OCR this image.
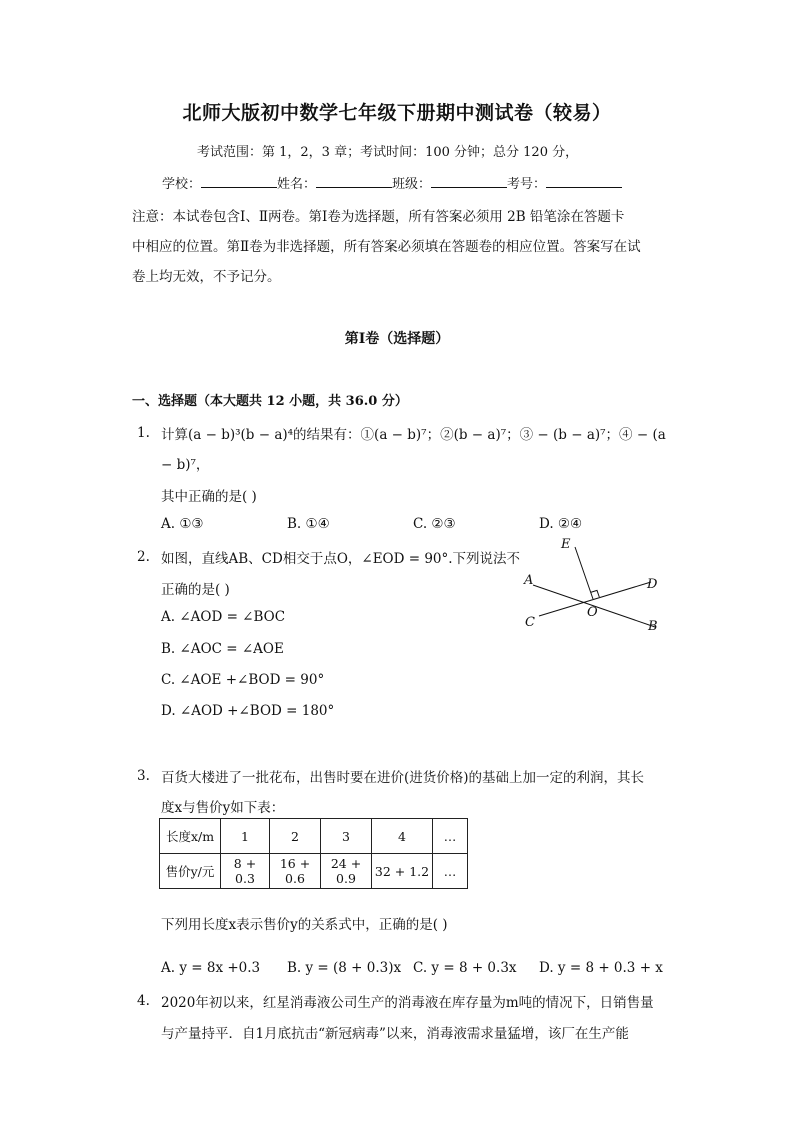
北师大版初中数学七年级下册期中测试卷（较易）
考试范围：第 1，2，3 章；考试时间：100 分钟；总分 120 分，
学校：	姓名：	班级：	考号：
注意：本试卷包含Ⅰ、Ⅱ两卷。第Ⅰ卷为选择题，所有答案必须用 2B 铅笔涂在答题卡
中相应的位置。第Ⅱ卷为非选择题，所有答案必须填在答题卷的相应位置。答案写在试
卷上均无效，不予记分。
第Ⅰ卷（选择题）
一、选择题（本大题共 12 小题，共 36.0 分）
1. 计算(a − b)³(b − a)⁴的结果有：①(a − b)⁷；②(b − a)⁷；③ − (b − a)⁷；④ − (a
− b)⁷，
其中正确的是( )
A. ①③	B. ①④	C. ②③	D. ②④
2. 如图，直线AB、CD相交于点O，∠EOD = 90°.下列说法不
正确的是( )
A. ∠AOD = ∠BOC
B. ∠AOC = ∠AOE
C. ∠AOE +∠BOD = 90°
D. ∠AOD +∠BOD = 180°
E
A	D
C
O
B
3. 百货大楼进了一批花布，出售时要在进价(进货价格)的基础上加一定的利润，其长
度x与售价y如下表：
长度x/m	1	2	3	4	…
售价y/元	8 + 0.3	16 + 0.6	24 + 0.9	32 + 1.2	…
下列用长度x表示售价y的关系式中，正确的是( )
A. y = 8x +0.3 B. y = (8 + 0.3)x C. y = 8 + 0.3x D. y = 8 + 0.3 + x
4. 2020年初以来，红星消毒液公司生产的消毒液在库存量为m吨的情况下，日销售量
与产量持平．自1月底抗击“新冠病毒”以来，消毒液需求量猛增，该厂在生产能
